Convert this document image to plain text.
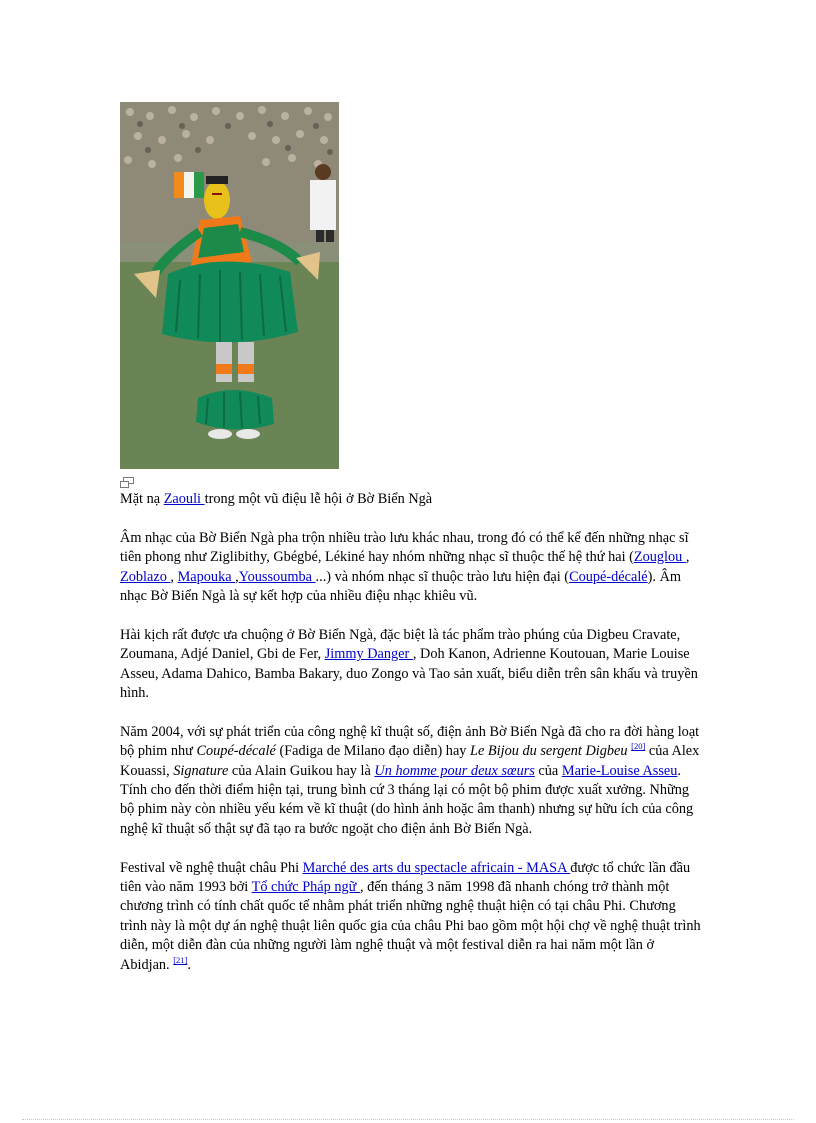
Mặt nạ Zaouli trong một vũ điệu lễ hội ở Bờ Biển Ngà

Âm nhạc của Bờ Biển Ngà pha trộn nhiều trào lưu khác nhau, trong đó có thể kể đến những nhạc sĩ tiên phong như Ziglibithy, Gbégbé, Lékiné hay nhóm những nhạc sĩ thuộc thế hệ thứ hai (Zouglou , Zoblazo , Mapouka ,Youssoumba ...) và nhóm nhạc sĩ thuộc trào lưu hiện đại (Coupé-décalé). Âm nhạc Bờ Biển Ngà là sự kết hợp của nhiều điệu nhạc khiêu vũ.

Hài kịch rất được ưa chuộng ở Bờ Biển Ngà, đặc biệt là tác phẩm trào phúng của Digbeu Cravate, Zoumana, Adjé Daniel, Gbi de Fer, Jimmy Danger , Doh Kanon, Adrienne Koutouan, Marie Louise Asseu, Adama Dahico, Bamba Bakary, duo Zongo và Tao sản xuất, biểu diễn trên sân khấu và truyền hình.

Năm 2004, với sự phát triển của công nghệ kĩ thuật số, điện ảnh Bờ Biển Ngà đã cho ra đời hàng loạt bộ phim như Coupé-décalé (Fadiga de Milano đạo diễn) hay Le Bijou du sergent Digbeu [20] của Alex Kouassi, Signature của Alain Guikou hay là Un homme pour deux sœurs của Marie-Louise Asseu. Tính cho đến thời điểm hiện tại, trung bình cứ 3 tháng lại có một bộ phim được xuất xưởng. Những bộ phim này còn nhiều yếu kém về kĩ thuật (do hình ảnh hoặc âm thanh) nhưng sự hữu ích của công nghệ kĩ thuật số thật sự đã tạo ra bước ngoặt cho điện ảnh Bờ Biển Ngà.

Festival về nghệ thuật châu Phi Marché des arts du spectacle africain - MASA được tổ chức lần đầu tiên vào năm 1993 bởi Tổ chức Pháp ngữ , đến tháng 3 năm 1998 đã nhanh chóng trở thành một chương trình có tính chất quốc tế nhằm phát triển những nghệ thuật hiện có tại châu Phi. Chương trình này là một dự án nghệ thuật liên quốc gia của châu Phi bao gồm một hội chợ về nghệ thuật trình diễn, một diễn đàn của những người làm nghệ thuật và một festival diễn ra hai năm một lần ở Abidjan. [21].
